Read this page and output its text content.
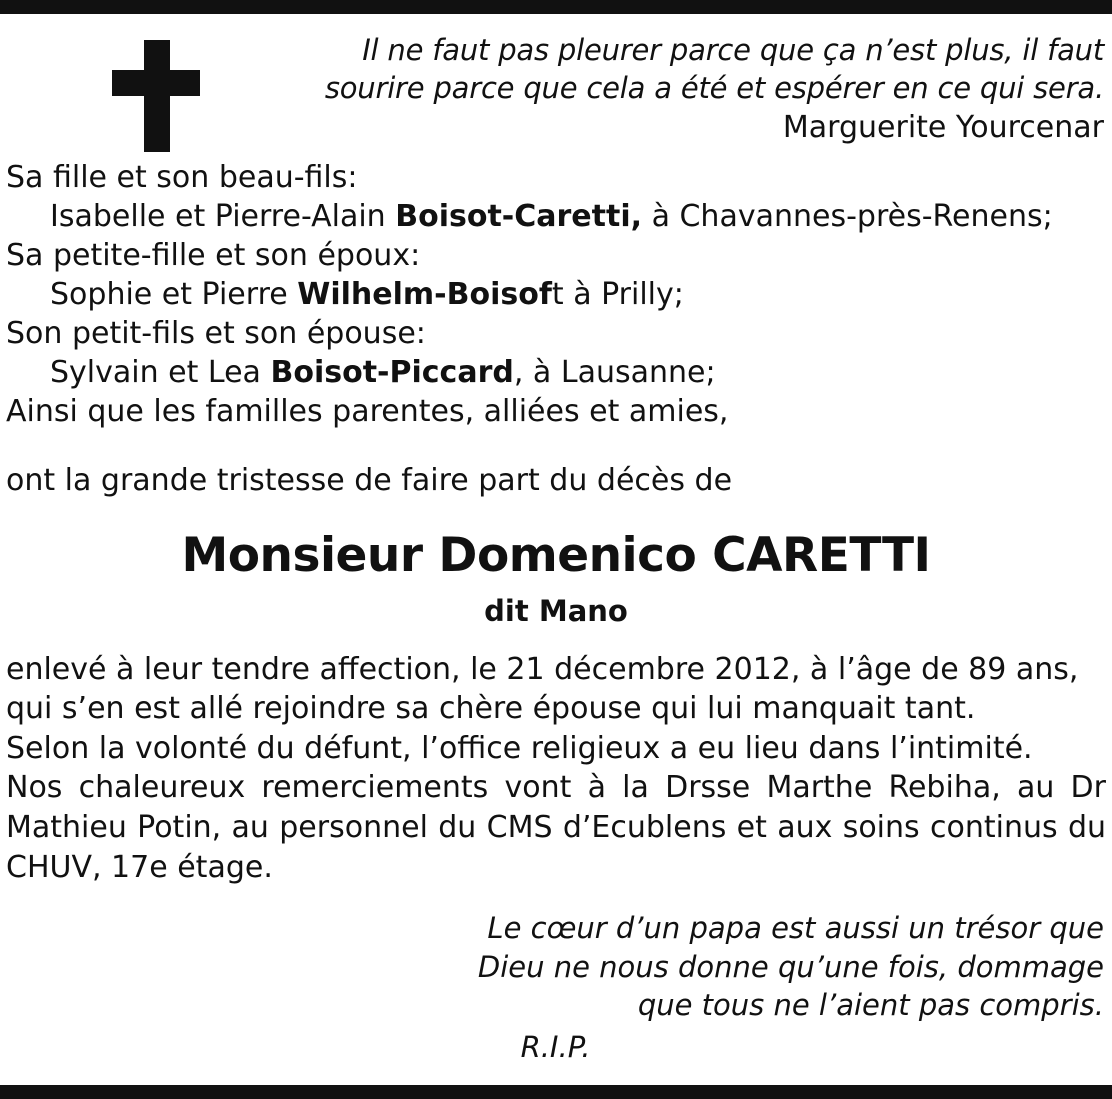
Il ne faut pas pleurer parce que ça n’est plus, il faut
sourire parce que cela a été et espérer en ce qui sera.
Marguerite Yourcenar

Sa fille et son beau-fils:

Isabelle et Pierre-Alain Boisot-Caretti, à Chavannes-près-Renens;

Sa petite-fille et son époux:

Sophie et Pierre Wilhelm-Boisoft à Prilly;

Son petit-fils et son épouse:

Sylvain et Lea Boisot-Piccard, à Lausanne;

Ainsi que les familles parentes, alliées et amies,

ont la grande tristesse de faire part du décès de

Monsieur Domenico CARETTI
dit Mano

enlevé à leur tendre affection, le 21 décembre 2012, à l’âge de 89 ans,

qui s’en est allé rejoindre sa chère épouse qui lui manquait tant.

Selon la volonté du défunt, l’office religieux a eu lieu dans l’intimité.

Nos chaleureux remerciements vont à la Drsse Marthe Rebiha, au Dr Mathieu Potin, au personnel du CMS d’Ecublens et aux soins continus du CHUV, 17e étage.

Le cœur d’un papa est aussi un trésor que
Dieu ne nous donne qu’une fois, dommage
que tous ne l’aient pas compris.
R.I.P.
